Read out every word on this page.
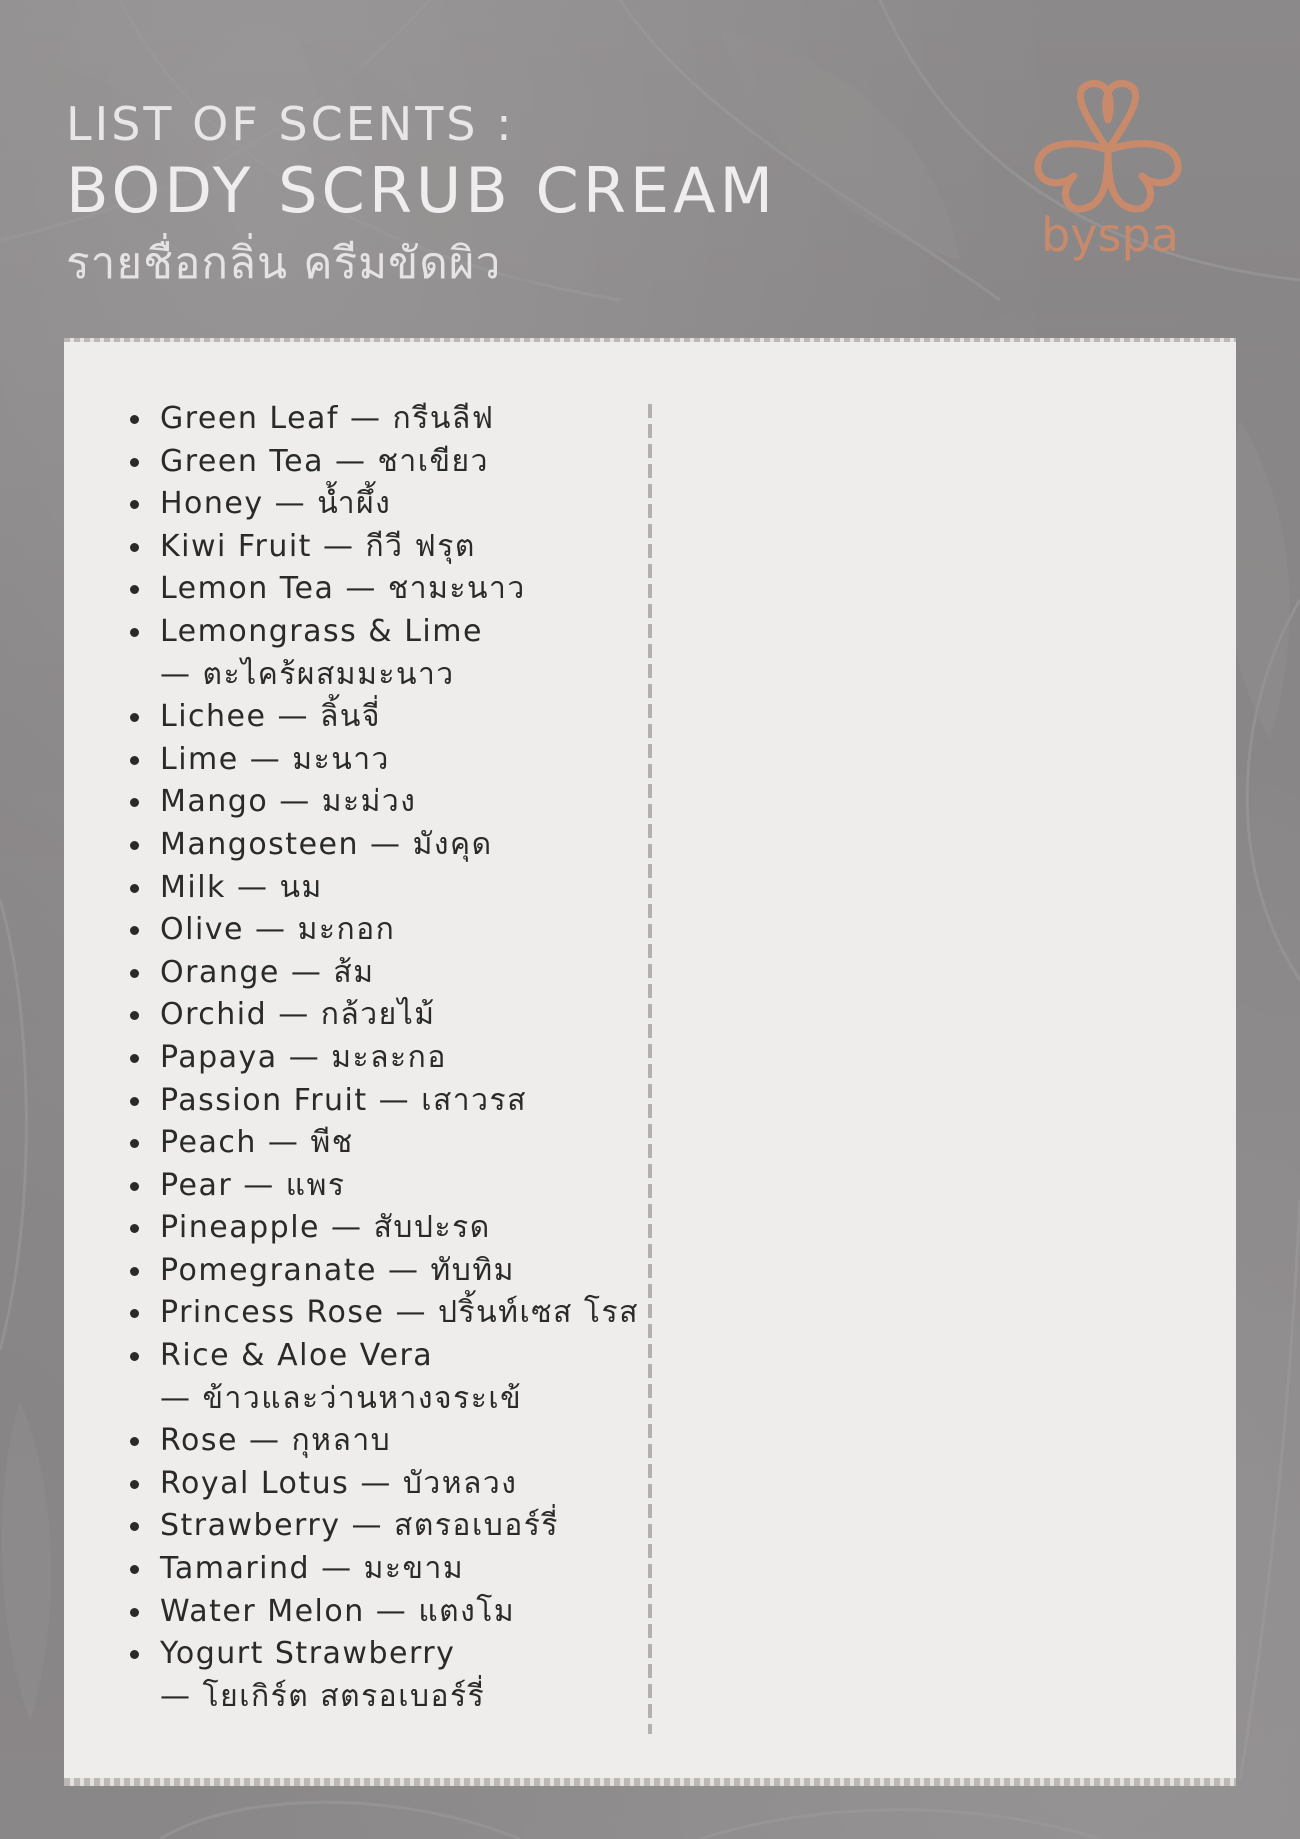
LIST OF SCENTS :
BODY SCRUB CREAM
รายชื่อกลิ่น ครีมขัดผิว
byspa
Green Leaf — กรีนลีฟ
Green Tea — ชาเขียว
Honey — น้ำผึ้ง
Kiwi Fruit — กีวี ฟรุต
Lemon Tea — ชามะนาว
Lemongrass & Lime
— ตะไคร้ผสมมะนาว
Lichee — ลิ้นจี่
Lime — มะนาว
Mango — มะม่วง
Mangosteen — มังคุด
Milk — นม
Olive — มะกอก
Orange — ส้ม
Orchid — กล้วยไม้
Papaya — มะละกอ
Passion Fruit — เสาวรส
Peach — พีช
Pear — แพร
Pineapple — สับปะรด
Pomegranate — ทับทิม
Princess Rose — ปริ้นท์เซส โรส
Rice & Aloe Vera
— ข้าวและว่านหางจระเข้
Rose — กุหลาบ
Royal Lotus — บัวหลวง
Strawberry — สตรอเบอร์รี่
Tamarind — มะขาม
Water Melon — แตงโม
Yogurt Strawberry
— โยเกิร์ต สตรอเบอร์รี่
